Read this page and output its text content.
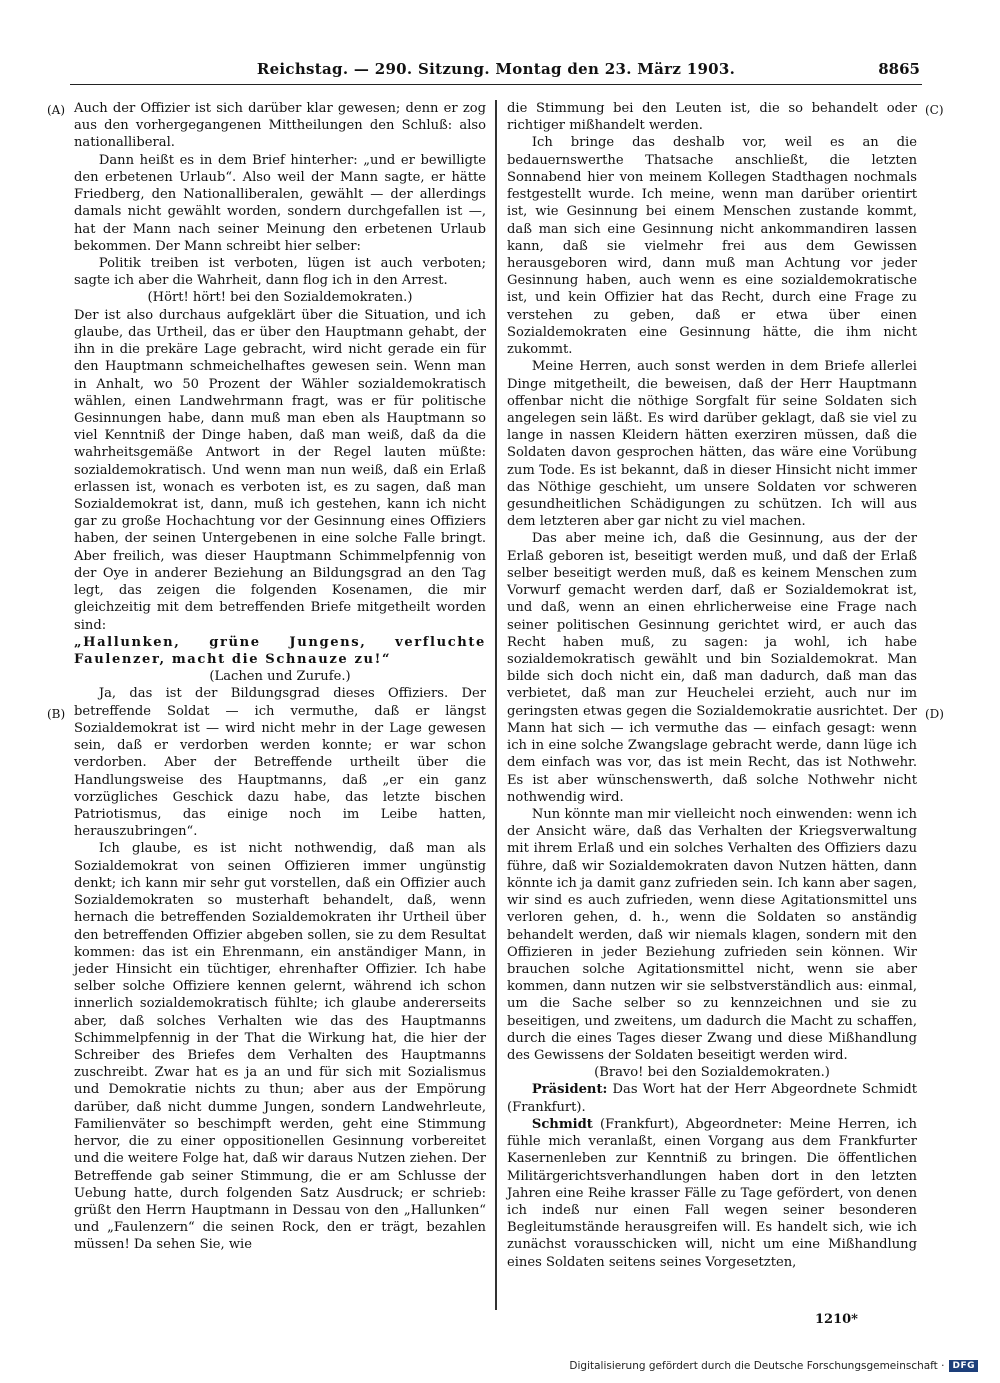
Reichstag. — 290. Sitzung. Montag den 23. März 1903.	8865
(A)
(B)
(C)
(D)

Auch der Offizier ist sich darüber klar gewesen; denn er zog aus den vorhergegangenen Mittheilungen den Schluß: also nationalliberal.

Dann heißt es in dem Brief hinterher: „und er bewilligte den erbetenen Urlaub“. Also weil der Mann sagte, er hätte Friedberg, den Nationalliberalen, gewählt — der allerdings damals nicht gewählt worden, sondern durchgefallen ist —, hat der Mann nach seiner Meinung den erbetenen Urlaub bekommen. Der Mann schreibt hier selber:

Politik treiben ist verboten, lügen ist auch verboten; sagte ich aber die Wahrheit, dann flog ich in den Arrest.

(Hört! hört! bei den Sozialdemokraten.)

Der ist also durchaus aufgeklärt über die Situation, und ich glaube, das Urtheil, das er über den Hauptmann gehabt, der ihn in die prekäre Lage gebracht, wird nicht gerade ein für den Hauptmann schmeichelhaftes gewesen sein. Wenn man in Anhalt, wo 50 Prozent der Wähler sozialdemokratisch wählen, einen Landwehrmann fragt, was er für politische Gesinnungen habe, dann muß man eben als Hauptmann so viel Kenntniß der Dinge haben, daß man weiß, daß da die wahrheitsgemäße Antwort in der Regel lauten müßte: sozialdemokratisch. Und wenn man nun weiß, daß ein Erlaß erlassen ist, wonach es verboten ist, es zu sagen, daß man Sozialdemokrat ist, dann, muß ich gestehen, kann ich nicht gar zu große Hochachtung vor der Gesinnung eines Offiziers haben, der seinen Untergebenen in eine solche Falle bringt. Aber freilich, was dieser Hauptmann Schimmelpfennig von der Oye in anderer Beziehung an Bildungsgrad an den Tag legt, das zeigen die folgenden Kosenamen, die mir gleichzeitig mit dem betreffenden Briefe mitgetheilt worden sind:

„Hallunken, grüne Jungens, verfluchte Faulenzer, macht die Schnauze zu!“

(Lachen und Zurufe.)

Ja, das ist der Bildungsgrad dieses Offiziers. Der betreffende Soldat — ich vermuthe, daß er längst Sozialdemokrat ist — wird nicht mehr in der Lage gewesen sein, daß er verdorben werden konnte; er war schon verdorben. Aber der Betreffende urtheilt über die Handlungsweise des Hauptmanns, daß „er ein ganz vorzügliches Geschick dazu habe, das letzte bischen Patriotismus, das einige noch im Leibe hatten, herauszubringen“.

Ich glaube, es ist nicht nothwendig, daß man als Sozialdemokrat von seinen Offizieren immer ungünstig denkt; ich kann mir sehr gut vorstellen, daß ein Offizier auch Sozialdemokraten so musterhaft behandelt, daß, wenn hernach die betreffenden Sozialdemokraten ihr Urtheil über den betreffenden Offizier abgeben sollen, sie zu dem Resultat kommen: das ist ein Ehrenmann, ein anständiger Mann, in jeder Hinsicht ein tüchtiger, ehrenhafter Offizier. Ich habe selber solche Offiziere kennen gelernt, während ich schon innerlich sozialdemokratisch fühlte; ich glaube andererseits aber, daß solches Verhalten wie das des Hauptmanns Schimmelpfennig in der That die Wirkung hat, die hier der Schreiber des Briefes dem Verhalten des Hauptmanns zuschreibt. Zwar hat es ja an und für sich mit Sozialismus und Demokratie nichts zu thun; aber aus der Empörung darüber, daß nicht dumme Jungen, sondern Landwehrleute, Familienväter so beschimpft werden, geht eine Stimmung hervor, die zu einer oppositionellen Gesinnung vorbereitet und die weitere Folge hat, daß wir daraus Nutzen ziehen. Der Betreffende gab seiner Stimmung, die er am Schlusse der Uebung hatte, durch folgenden Satz Ausdruck; er schrieb: grüßt den Herrn Hauptmann in Dessau von den „Hallunken“ und „Faulenzern“ die seinen Rock, den er trägt, bezahlen müssen! Da sehen Sie, wie

die Stimmung bei den Leuten ist, die so behandelt oder richtiger mißhandelt werden.

Ich bringe das deshalb vor, weil es an die bedauernswerthe Thatsache anschließt, die letzten Sonnabend hier von meinem Kollegen Stadthagen nochmals festgestellt wurde. Ich meine, wenn man darüber orientirt ist, wie Gesinnung bei einem Menschen zustande kommt, daß man sich eine Gesinnung nicht ankommandiren lassen kann, daß sie vielmehr frei aus dem Gewissen herausgeboren wird, dann muß man Achtung vor jeder Gesinnung haben, auch wenn es eine sozialdemokratische ist, und kein Offizier hat das Recht, durch eine Frage zu verstehen zu geben, daß er etwa über einen Sozialdemokraten eine Gesinnung hätte, die ihm nicht zukommt.

Meine Herren, auch sonst werden in dem Briefe allerlei Dinge mitgetheilt, die beweisen, daß der Herr Hauptmann offenbar nicht die nöthige Sorgfalt für seine Soldaten sich angelegen sein läßt. Es wird darüber geklagt, daß sie viel zu lange in nassen Kleidern hätten exerziren müssen, daß die Soldaten davon gesprochen hätten, das wäre eine Vorübung zum Tode. Es ist bekannt, daß in dieser Hinsicht nicht immer das Nöthige geschieht, um unsere Soldaten vor schweren gesundheitlichen Schädigungen zu schützen. Ich will aus dem letzteren aber gar nicht zu viel machen.

Das aber meine ich, daß die Gesinnung, aus der der Erlaß geboren ist, beseitigt werden muß, und daß der Erlaß selber beseitigt werden muß, daß es keinem Menschen zum Vorwurf gemacht werden darf, daß er Sozialdemokrat ist, und daß, wenn an einen ehrlicherweise eine Frage nach seiner politischen Gesinnung gerichtet wird, er auch das Recht haben muß, zu sagen: ja wohl, ich habe sozialdemokratisch gewählt und bin Sozialdemokrat. Man bilde sich doch nicht ein, daß man dadurch, daß man das verbietet, daß man zur Heuchelei erzieht, auch nur im geringsten etwas gegen die Sozialdemokratie ausrichtet. Der Mann hat sich — ich vermuthe das — einfach gesagt: wenn ich in eine solche Zwangslage gebracht werde, dann lüge ich dem einfach was vor, das ist mein Recht, das ist Nothwehr. Es ist aber wünschenswerth, daß solche Nothwehr nicht nothwendig wird.

Nun könnte man mir vielleicht noch einwenden: wenn ich der Ansicht wäre, daß das Verhalten der Kriegsverwaltung mit ihrem Erlaß und ein solches Verhalten des Offiziers dazu führe, daß wir Sozialdemokraten davon Nutzen hätten, dann könnte ich ja damit ganz zufrieden sein. Ich kann aber sagen, wir sind es auch zufrieden, wenn diese Agitationsmittel uns verloren gehen, d. h., wenn die Soldaten so anständig behandelt werden, daß wir niemals klagen, sondern mit den Offizieren in jeder Beziehung zufrieden sein können. Wir brauchen solche Agitationsmittel nicht, wenn sie aber kommen, dann nutzen wir sie selbstverständlich aus: einmal, um die Sache selber so zu kennzeichnen und sie zu beseitigen, und zweitens, um dadurch die Macht zu schaffen, durch die eines Tages dieser Zwang und diese Mißhandlung des Gewissens der Soldaten beseitigt werden wird.

(Bravo! bei den Sozialdemokraten.)

Präsident: Das Wort hat der Herr Abgeordnete Schmidt (Frankfurt).

Schmidt (Frankfurt), Abgeordneter: Meine Herren, ich fühle mich veranlaßt, einen Vorgang aus dem Frankfurter Kasernenleben zur Kenntniß zu bringen. Die öffentlichen Militärgerichtsverhandlungen haben dort in den letzten Jahren eine Reihe krasser Fälle zu Tage gefördert, von denen ich indeß nur einen Fall wegen seiner besonderen Begleitumstände herausgreifen will. Es handelt sich, wie ich zunächst vorausschicken will, nicht um eine Mißhandlung eines Soldaten seitens seines Vorgesetzten,

1210*
Digitalisierung gefördert durch die Deutsche Forschungsgemeinschaft · DFG
